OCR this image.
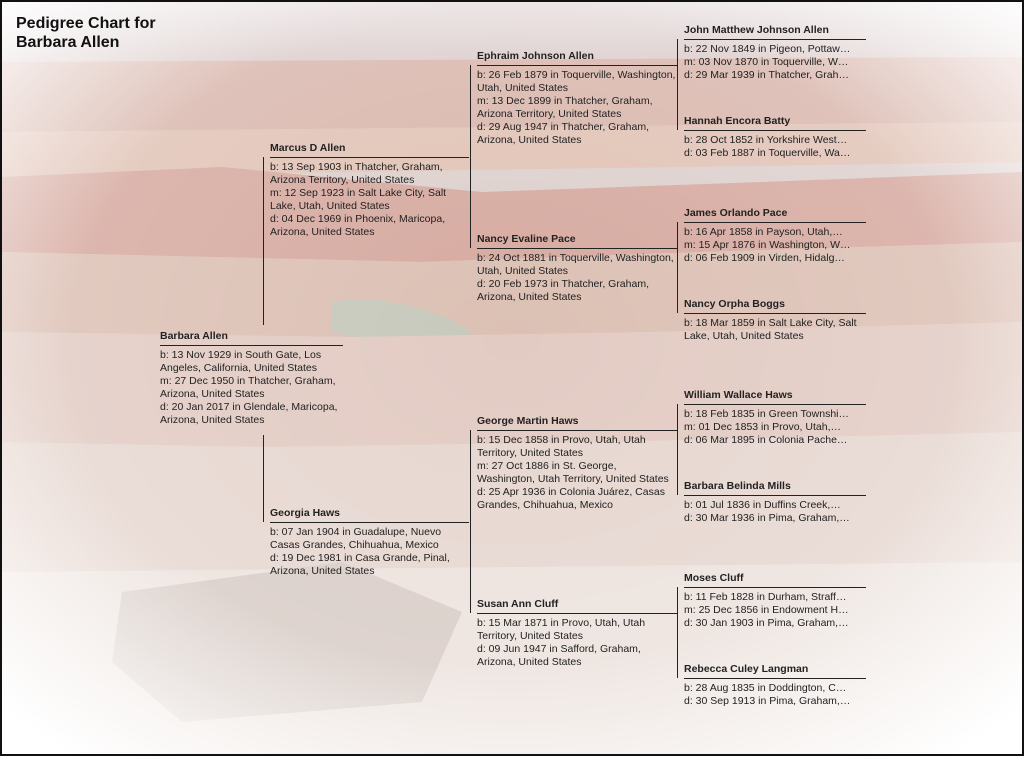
Pedigree Chart for
Barbara Allen
Barbara Allen
b: 13 Nov 1929 in South Gate, Los Angeles, California, United States
m: 27 Dec 1950 in Thatcher, Graham, Arizona, United States
d: 20 Jan 2017 in Glendale, Maricopa, Arizona, United States
Marcus D Allen
b: 13 Sep 1903 in Thatcher, Graham, Arizona Territory, United States
m: 12 Sep 1923 in Salt Lake City, Salt Lake, Utah, United States
d: 04 Dec 1969 in Phoenix, Maricopa, Arizona, United States
Georgia Haws
b: 07 Jan 1904 in Guadalupe, Nuevo Casas Grandes, Chihuahua, Mexico
d: 19 Dec 1981 in Casa Grande, Pinal, Arizona, United States
Ephraim Johnson Allen
b: 26 Feb 1879 in Toquerville, Washington, Utah, United States
m: 13 Dec 1899 in Thatcher, Graham, Arizona Territory, United States
d: 29 Aug 1947 in Thatcher, Graham, Arizona, United States
Nancy Evaline Pace
b: 24 Oct 1881 in Toquerville, Washington, Utah, United States
d: 20 Feb 1973 in Thatcher, Graham, Arizona, United States
George Martin Haws
b: 15 Dec 1858 in Provo, Utah, Utah Territory, United States
m: 27 Oct 1886 in St. George, Washington, Utah Territory, United States
d: 25 Apr 1936 in Colonia Juárez, Casas Grandes, Chihuahua, Mexico
Susan Ann Cluff
b: 15 Mar 1871 in Provo, Utah, Utah Territory, United States
d: 09 Jun 1947 in Safford, Graham, Arizona, United States
John Matthew Johnson Allen
b: 22 Nov 1849 in Pigeon, Pottaw…
m: 03 Nov 1870 in Toquerville, W…
d: 29 Mar 1939 in Thatcher, Grah…
Hannah Encora Batty
b: 28 Oct 1852 in Yorkshire West…
d: 03 Feb 1887 in Toquerville, Wa…
James Orlando Pace
b: 16 Apr 1858 in Payson, Utah,…
m: 15 Apr 1876 in Washington, W…
d: 06 Feb 1909 in Virden, Hidalg…
Nancy Orpha Boggs
b: 18 Mar 1859 in Salt Lake City, Salt Lake, Utah, United States
William Wallace Haws
b: 18 Feb 1835 in Green Townshi…
m: 01 Dec 1853 in Provo, Utah,…
d: 06 Mar 1895 in Colonia Pache…
Barbara Belinda Mills
b: 01 Jul 1836 in Duffins Creek,…
d: 30 Mar 1936 in Pima, Graham,…
Moses Cluff
b: 11 Feb 1828 in Durham, Straff…
m: 25 Dec 1856 in Endowment H…
d: 30 Jan 1903 in Pima, Graham,…
Rebecca Culey Langman
b: 28 Aug 1835 in Doddington, C…
d: 30 Sep 1913 in Pima, Graham,…
